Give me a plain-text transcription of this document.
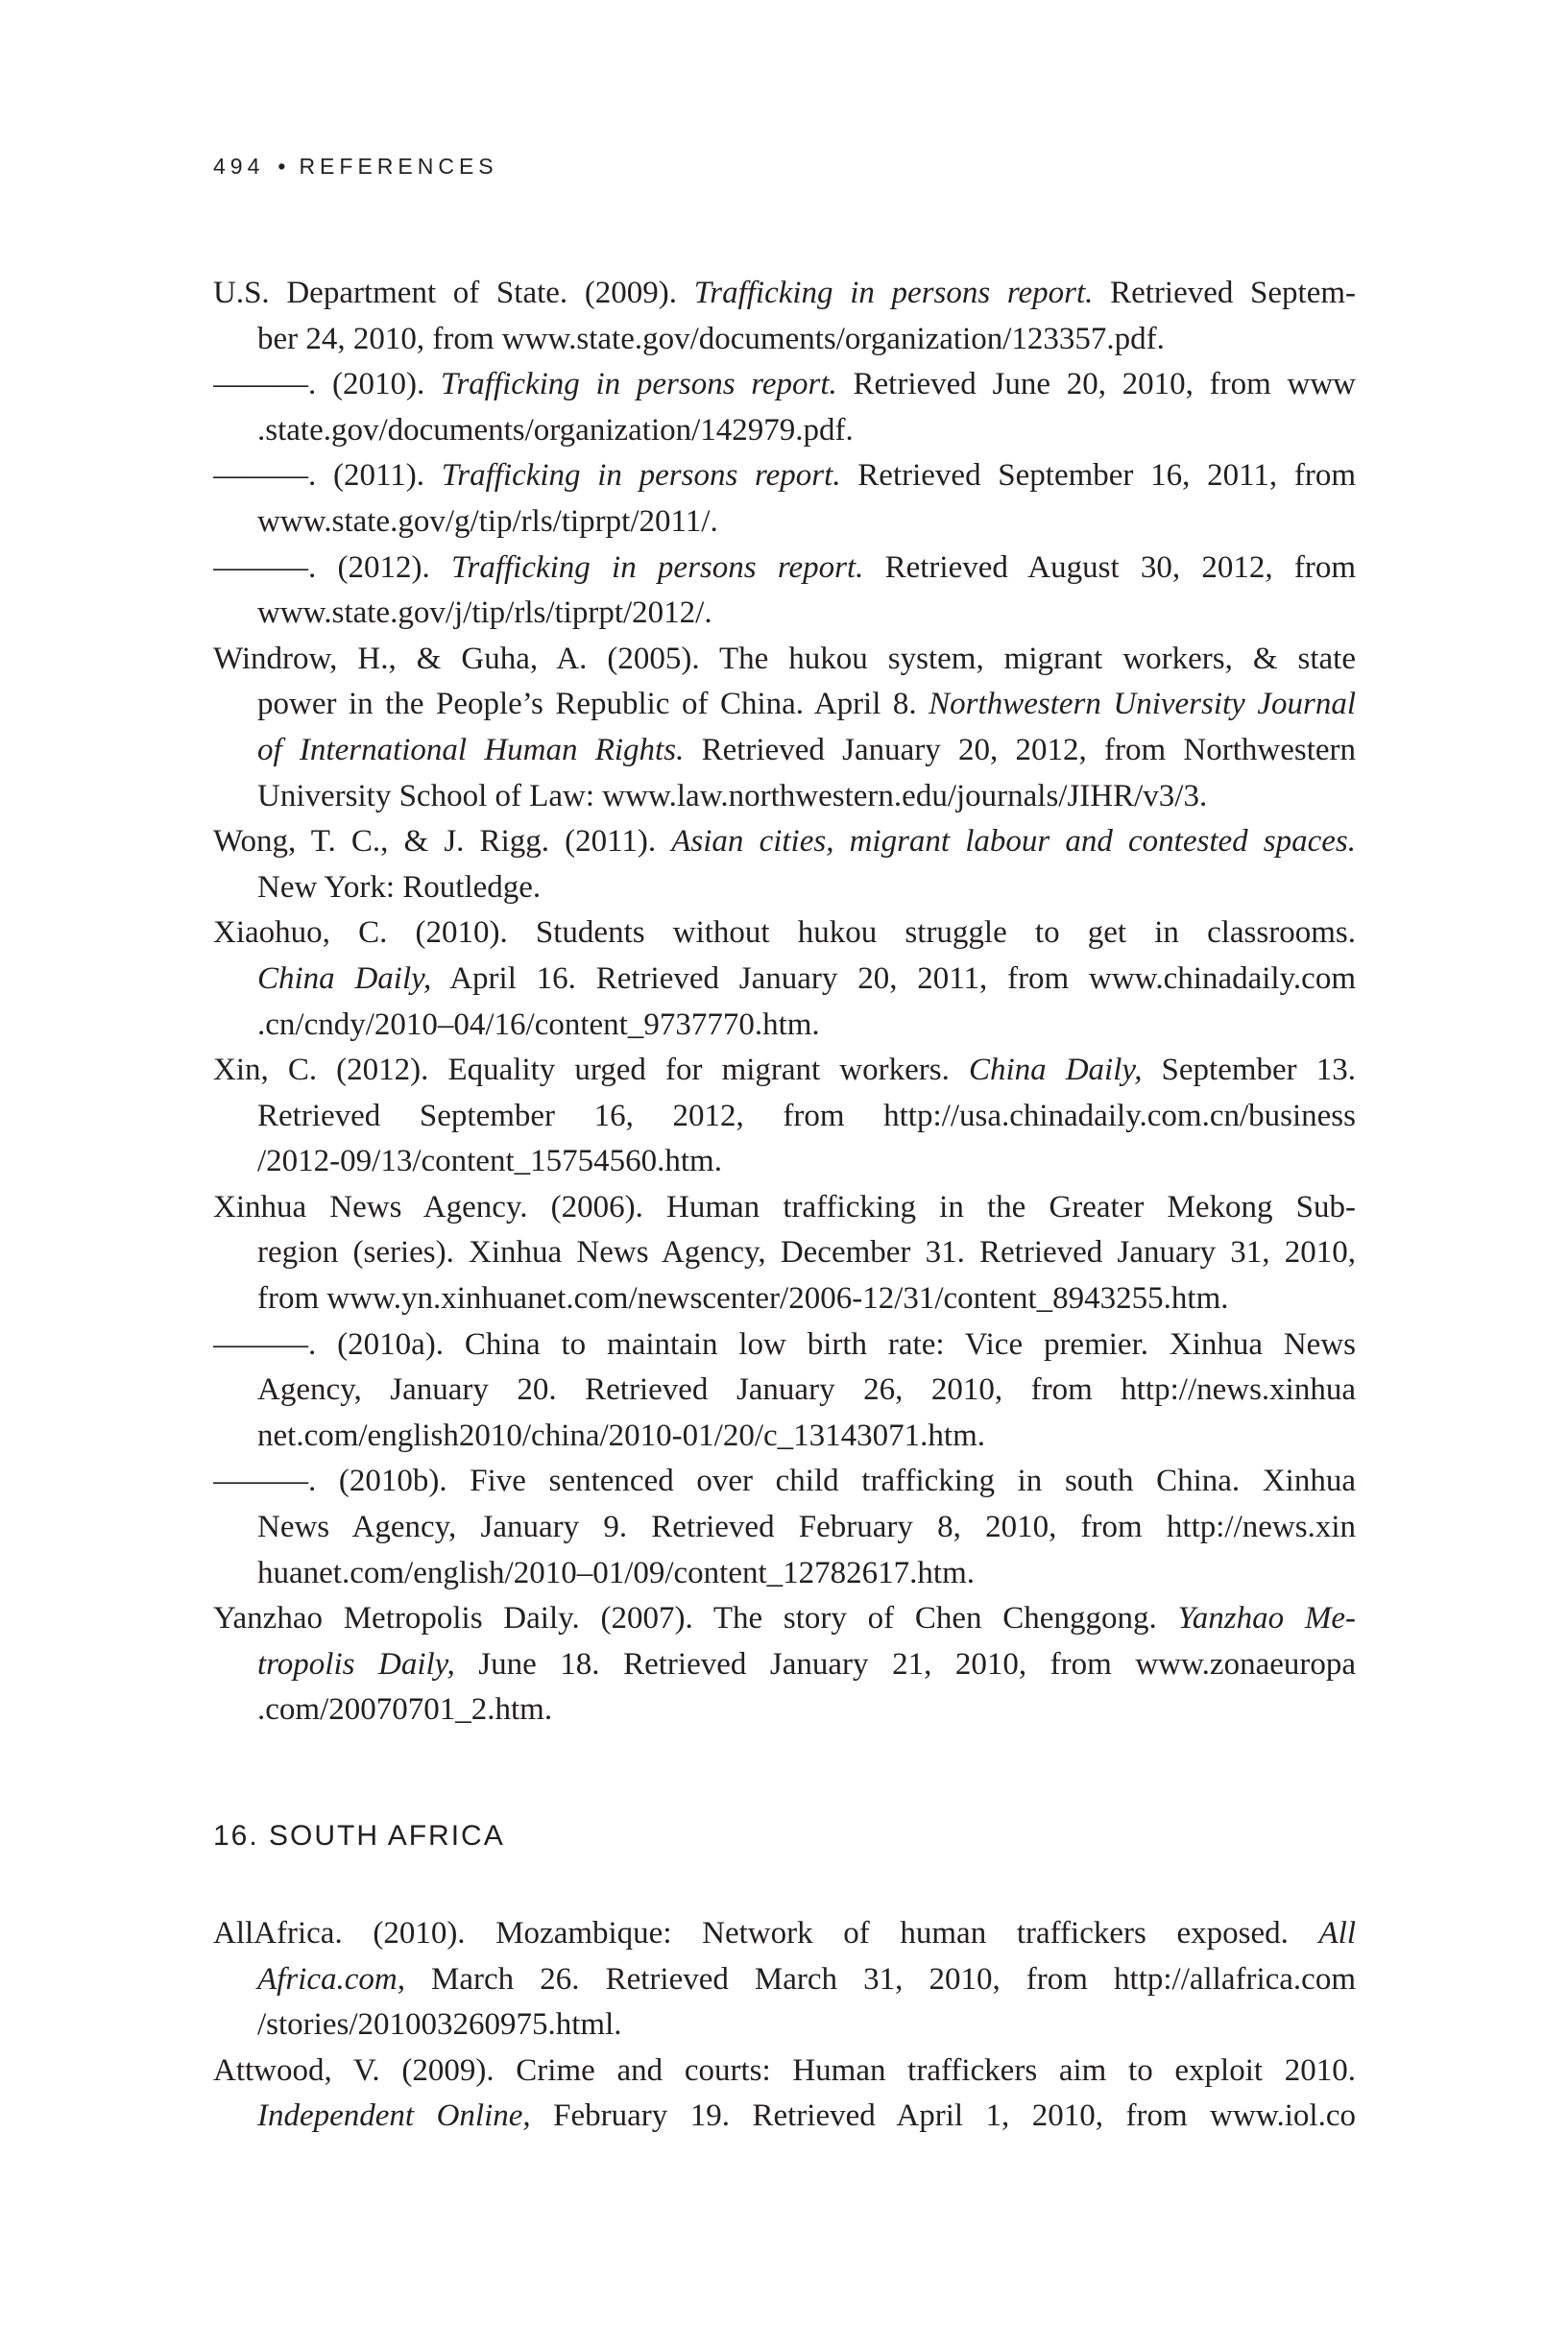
494 • REFERENCES
U.S. Department of State. (2009). Trafficking in persons report. Retrieved Septem-
ber 24, 2010, from www.state.gov/documents/organization/123357.pdf.
———. (2010). Trafficking in persons report. Retrieved June 20, 2010, from www
.state.gov/documents/organization/142979.pdf.
———. (2011). Trafficking in persons report. Retrieved September 16, 2011, from
www.state.gov/g/tip/rls/tiprpt/2011/.
———. (2012). Trafficking in persons report. Retrieved August 30, 2012, from
www.state.gov/j/tip/rls/tiprpt/2012/.
Windrow, H., & Guha, A. (2005). The hukou system, migrant workers, & state
power in the People’s Republic of China. April 8. Northwestern University Journal
of International Human Rights. Retrieved January 20, 2012, from Northwestern
University School of Law: www.law.northwestern.edu/journals/JIHR/v3/3.
Wong, T. C., & J. Rigg. (2011). Asian cities, migrant labour and contested spaces.
New York: Routledge.
Xiaohuo, C. (2010). Students without hukou struggle to get in classrooms.
China Daily, April 16. Retrieved January 20, 2011, from www.chinadaily.com
.cn/cndy/2010–04/16/content_9737770.htm.
Xin, C. (2012). Equality urged for migrant workers. China Daily, September 13.
Retrieved September 16, 2012, from http://usa.chinadaily.com.cn/business
/2012-09/13/content_15754560.htm.
Xinhua News Agency. (2006). Human trafficking in the Greater Mekong Sub-
region (series). Xinhua News Agency, December 31. Retrieved January 31, 2010,
from www.yn.xinhuanet.com/newscenter/2006-12/31/content_8943255.htm.
———. (2010a). China to maintain low birth rate: Vice premier. Xinhua News
Agency, January 20. Retrieved January 26, 2010, from http://news.xinhua
net.com/english2010/china/2010-01/20/c_13143071.htm.
———. (2010b). Five sentenced over child trafficking in south China. Xinhua
News Agency, January 9. Retrieved February 8, 2010, from http://news.xin
huanet.com/english/2010–01/09/content_12782617.htm.
Yanzhao Metropolis Daily. (2007). The story of Chen Chenggong. Yanzhao Me-
tropolis Daily, June 18. Retrieved January 21, 2010, from www.zonaeuropa
.com/20070701_2.htm.
16. SOUTH AFRICA
AllAfrica. (2010). Mozambique: Network of human traffickers exposed. All
Africa.com, March 26. Retrieved March 31, 2010, from http://allafrica.com
/stories/201003260975.html.
Attwood, V. (2009). Crime and courts: Human traffickers aim to exploit 2010.
Independent Online, February 19. Retrieved April 1, 2010, from www.iol.co
